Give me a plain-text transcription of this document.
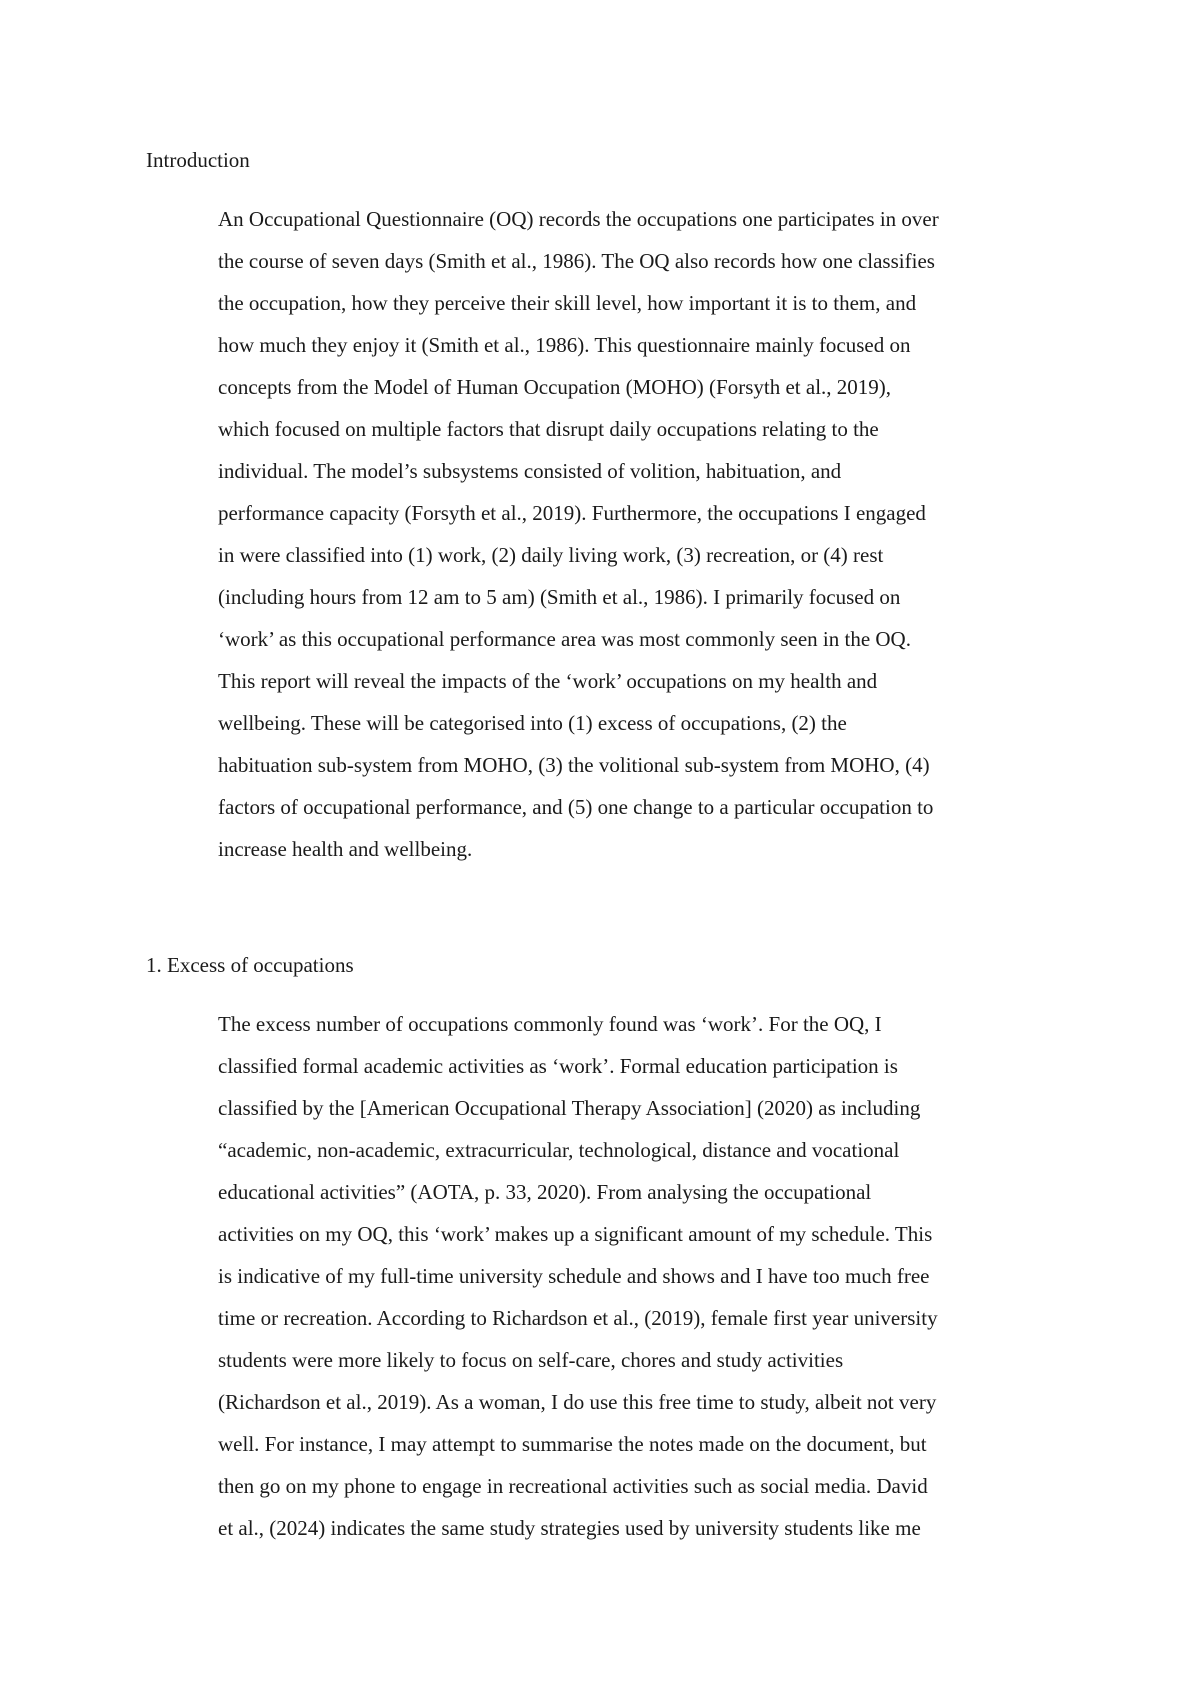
Introduction
An Occupational Questionnaire (OQ) records the occupations one participates in over
the course of seven days (Smith et al., 1986). The OQ also records how one classifies
the occupation, how they perceive their skill level, how important it is to them, and
how much they enjoy it (Smith et al., 1986). This questionnaire mainly focused on
concepts from the Model of Human Occupation (MOHO) (Forsyth et al., 2019),
which focused on multiple factors that disrupt daily occupations relating to the
individual. The model’s subsystems consisted of volition, habituation, and
performance capacity (Forsyth et al., 2019). Furthermore, the occupations I engaged
in were classified into (1) work, (2) daily living work, (3) recreation, or (4) rest
(including hours from 12 am to 5 am) (Smith et al., 1986). I primarily focused on
‘work’ as this occupational performance area was most commonly seen in the OQ.
This report will reveal the impacts of the ‘work’ occupations on my health and
wellbeing. These will be categorised into (1) excess of occupations, (2) the
habituation sub-system from MOHO, (3) the volitional sub-system from MOHO, (4)
factors of occupational performance, and (5) one change to a particular occupation to
increase health and wellbeing.
1. Excess of occupations
The excess number of occupations commonly found was ‘work’. For the OQ, I
classified formal academic activities as ‘work’. Formal education participation is
classified by the [American Occupational Therapy Association] (2020) as including
“academic, non-academic, extracurricular, technological, distance and vocational
educational activities” (AOTA, p. 33, 2020). From analysing the occupational
activities on my OQ, this ‘work’ makes up a significant amount of my schedule. This
is indicative of my full-time university schedule and shows and I have too much free
time or recreation. According to Richardson et al., (2019), female first year university
students were more likely to focus on self-care, chores and study activities
(Richardson et al., 2019). As a woman, I do use this free time to study, albeit not very
well. For instance, I may attempt to summarise the notes made on the document, but
then go on my phone to engage in recreational activities such as social media. David
et al., (2024) indicates the same study strategies used by university students like me
